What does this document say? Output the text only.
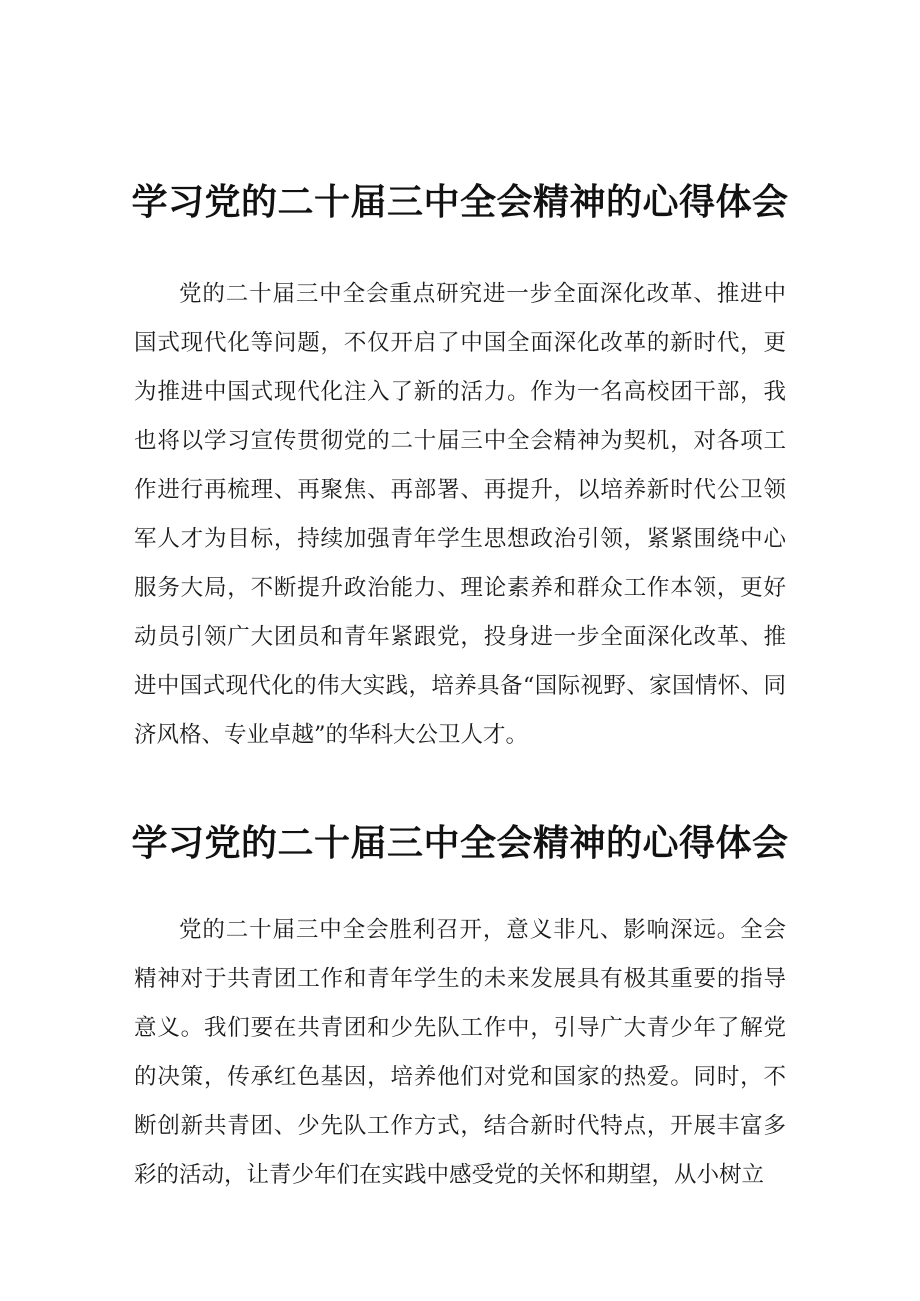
学习党的二十届三中全会精神的心得体会

党的二十届三中全会重点研究进一步全面深化改革、推进中国式现代化等问题，不仅开启了中国全面深化改革的新时代，更为推进中国式现代化注入了新的活力。作为一名高校团干部，我也将以学习宣传贯彻党的二十届三中全会精神为契机，对各项工作进行再梳理、再聚焦、再部署、再提升，以培养新时代公卫领军人才为目标，持续加强青年学生思想政治引领，紧紧围绕中心服务大局，不断提升政治能力、理论素养和群众工作本领，更好动员引领广大团员和青年紧跟党，投身进一步全面深化改革、推进中国式现代化的伟大实践，培养具备“国际视野、家国情怀、同济风格、专业卓越”的华科大公卫人才。

学习党的二十届三中全会精神的心得体会

党的二十届三中全会胜利召开，意义非凡、影响深远。全会精神对于共青团工作和青年学生的未来发展具有极其重要的指导意义。我们要在共青团和少先队工作中，引导广大青少年了解党的决策，传承红色基因，培养他们对党和国家的热爱。同时，不断创新共青团、少先队工作方式，结合新时代特点，开展丰富多彩的活动，让青少年们在实践中感受党的关怀和期望，从小树立
